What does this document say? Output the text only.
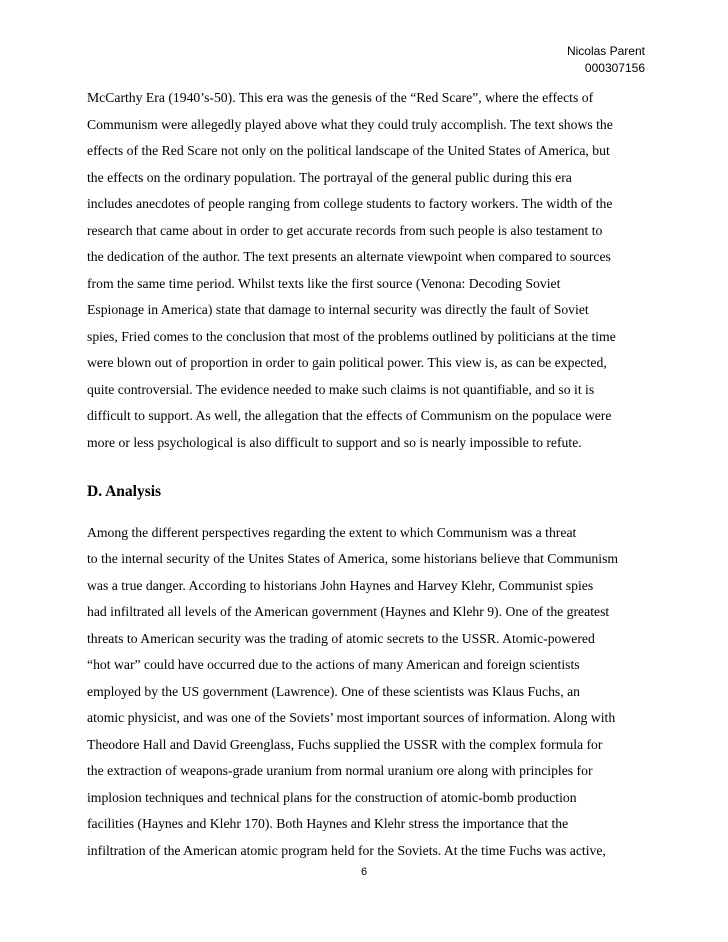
Nicolas Parent
000307156
McCarthy Era (1940’s-50). This era was the genesis of the “Red Scare”, where the effects of
Communism were allegedly played above what they could truly accomplish. The text shows the
effects of the Red Scare not only on the political landscape of the United States of America, but
the effects on the ordinary population. The portrayal of the general public during this era
includes anecdotes of people ranging from college students to factory workers. The width of the
research that came about in order to get accurate records from such people is also testament to
the dedication of the author. The text presents an alternate viewpoint when compared to sources
from the same time period. Whilst texts like the first source (Venona: Decoding Soviet
Espionage in America) state that damage to internal security was directly the fault of Soviet
spies, Fried comes to the conclusion that most of the problems outlined by politicians at the time
were blown out of proportion in order to gain political power. This view is, as can be expected,
quite controversial. The evidence needed to make such claims is not quantifiable, and so it is
difficult to support. As well, the allegation that the effects of Communism on the populace were
more or less psychological is also difficult to support and so is nearly impossible to refute.
D. Analysis
Among the different perspectives regarding the extent to which Communism was a threat
to the internal security of the Unites States of America, some historians believe that Communism
was a true danger. According to historians John Haynes and Harvey Klehr, Communist spies
had infiltrated all levels of the American government (Haynes and Klehr 9). One of the greatest
threats to American security was the trading of atomic secrets to the USSR. Atomic-powered
“hot war” could have occurred due to the actions of many American and foreign scientists
employed by the US government (Lawrence). One of these scientists was Klaus Fuchs, an
atomic physicist, and was one of the Soviets’ most important sources of information. Along with
Theodore Hall and David Greenglass, Fuchs supplied the USSR with the complex formula for
the extraction of weapons-grade uranium from normal uranium ore along with principles for
implosion techniques and technical plans for the construction of atomic-bomb production
facilities (Haynes and Klehr 170). Both Haynes and Klehr stress the importance that the
infiltration of the American atomic program held for the Soviets. At the time Fuchs was active,
6
